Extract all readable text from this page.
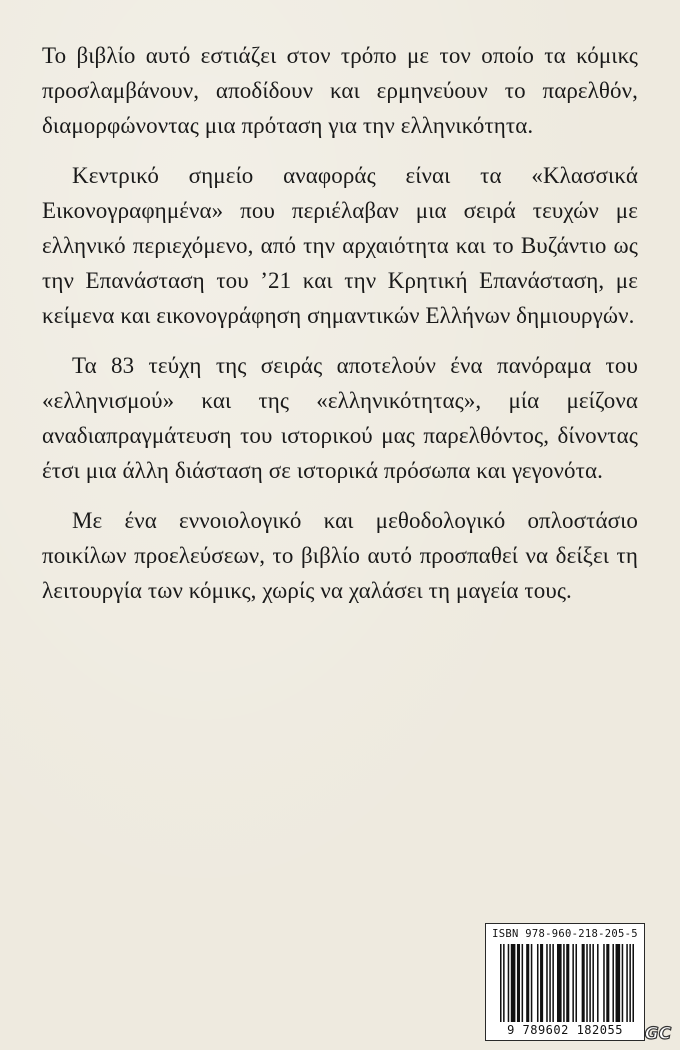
Το βιβλίο αυτό εστιάζει στον τρόπο με τον οποίο τα κόμικς προσλαμβάνουν, αποδίδουν και ερμηνεύουν το παρελθόν, διαμορφώνοντας μια πρόταση για την ελληνικότητα.

Κεντρικό σημείο αναφοράς είναι τα «Κλασσικά Εικονογραφημένα» που περιέλαβαν μια σειρά τευχών με ελληνικό περιεχόμενο, από την αρχαιότητα και το Βυζάντιο ως την Επανάσταση του ’21 και την Κρητική Επανάσταση, με κείμενα και εικονογράφηση σημαντικών Ελλήνων δημιουργών.

Τα 83 τεύχη της σειράς αποτελούν ένα πανόραμα του «ελληνισμού» και της «ελληνικότητας», μία μείζονα αναδιαπραγμάτευση του ιστορικού μας παρελθόντος, δίνοντας έτσι μια άλλη διάσταση σε ιστορικά πρόσωπα και γεγονότα.

Με ένα εννοιολογικό και μεθοδολογικό οπλοστάσιο ποικίλων προελεύσεων, το βιβλίο αυτό προσπαθεί να δείξει τη λειτουργία των κόμικς, χωρίς να χαλάσει τη μαγεία τους.

ISBN 978-960-218-205-5
9 789602 182055	GC
